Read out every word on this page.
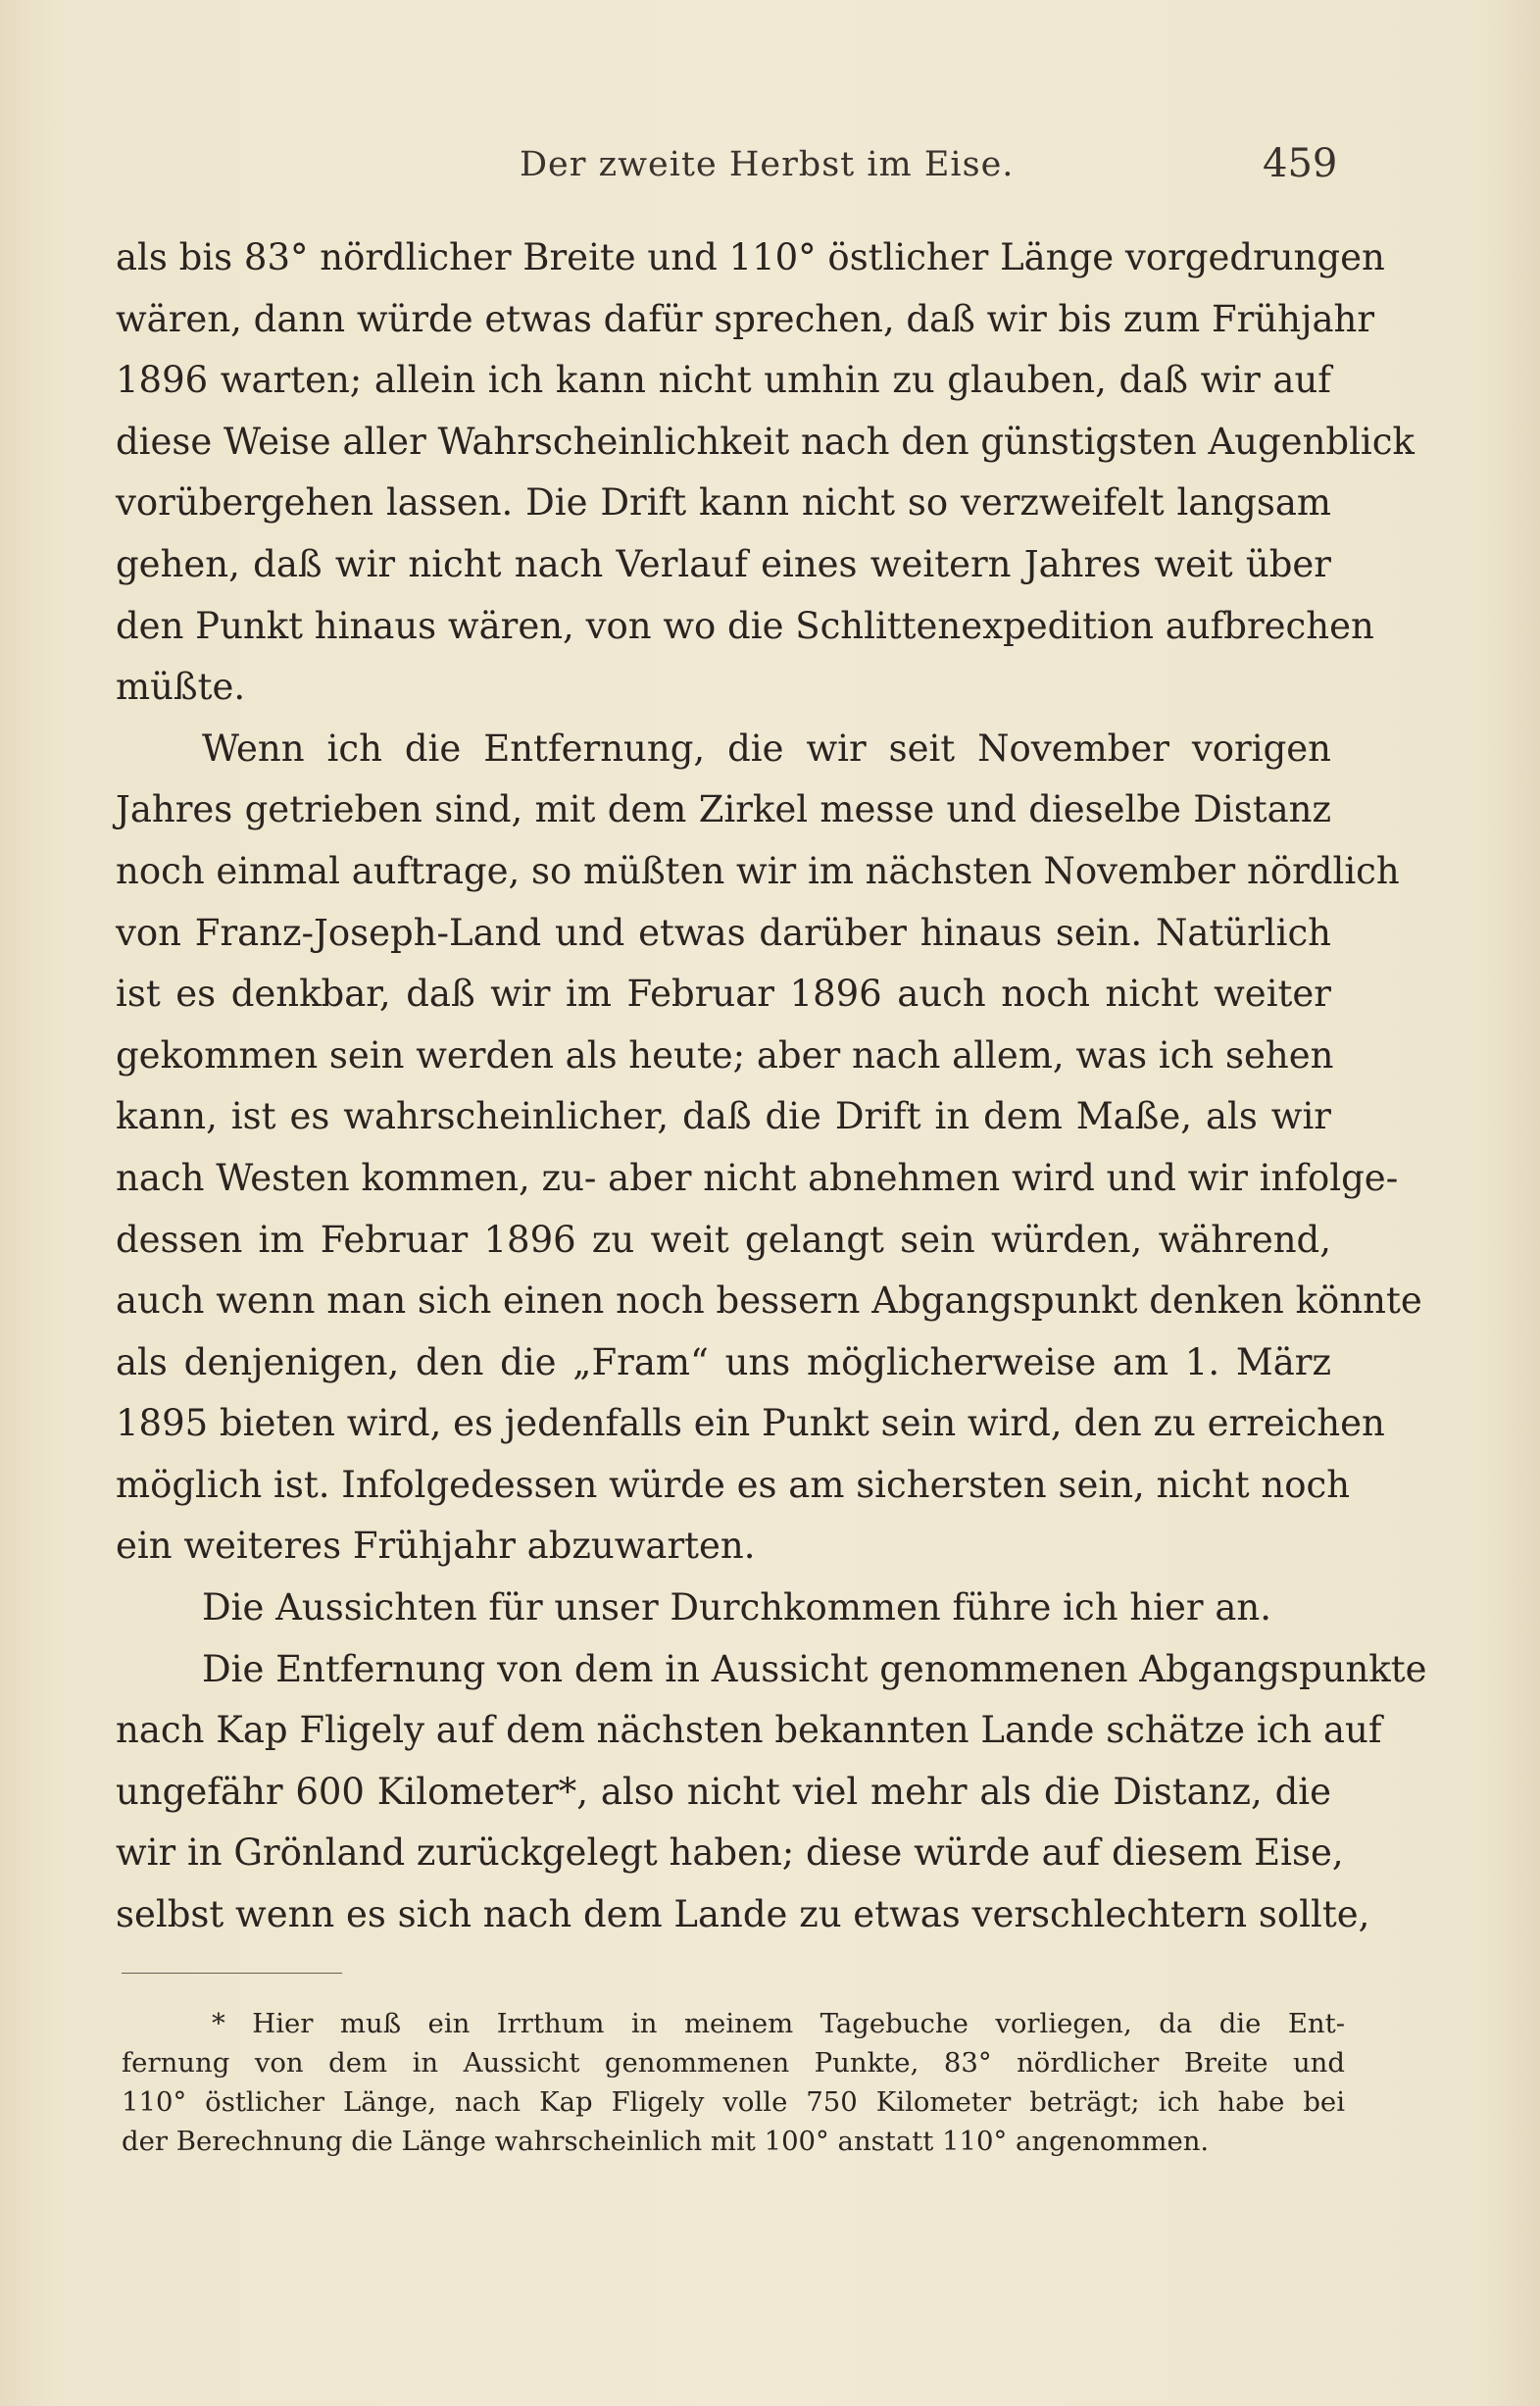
Der zweite Herbst im Eise.	459
als bis 83° nördlicher Breite und 110° östlicher Länge vorgedrungen
wären, dann würde etwas dafür sprechen, daß wir bis zum Frühjahr
1896 warten; allein ich kann nicht umhin zu glauben, daß wir auf
diese Weise aller Wahrscheinlichkeit nach den günstigsten Augenblick
vorübergehen lassen. Die Drift kann nicht so verzweifelt langsam
gehen, daß wir nicht nach Verlauf eines weitern Jahres weit über
den Punkt hinaus wären, von wo die Schlittenexpedition aufbrechen
müßte.
Wenn ich die Entfernung, die wir seit November vorigen
Jahres getrieben sind, mit dem Zirkel messe und dieselbe Distanz
noch einmal auftrage, so müßten wir im nächsten November nördlich
von Franz-Joseph-Land und etwas darüber hinaus sein. Natürlich
ist es denkbar, daß wir im Februar 1896 auch noch nicht weiter
gekommen sein werden als heute; aber nach allem, was ich sehen
kann, ist es wahrscheinlicher, daß die Drift in dem Maße, als wir
nach Westen kommen, zu- aber nicht abnehmen wird und wir infolge-
dessen im Februar 1896 zu weit gelangt sein würden, während,
auch wenn man sich einen noch bessern Abgangspunkt denken könnte
als denjenigen, den die „Fram“ uns möglicherweise am 1. März
1895 bieten wird, es jedenfalls ein Punkt sein wird, den zu erreichen
möglich ist. Infolgedessen würde es am sichersten sein, nicht noch
ein weiteres Frühjahr abzuwarten.
Die Aussichten für unser Durchkommen führe ich hier an.
Die Entfernung von dem in Aussicht genommenen Abgangspunkte
nach Kap Fligely auf dem nächsten bekannten Lande schätze ich auf
ungefähr 600 Kilometer*, also nicht viel mehr als die Distanz, die
wir in Grönland zurückgelegt haben; diese würde auf diesem Eise,
selbst wenn es sich nach dem Lande zu etwas verschlechtern sollte,
* Hier muß ein Irrthum in meinem Tagebuche vorliegen, da die Ent-
fernung von dem in Aussicht genommenen Punkte, 83° nördlicher Breite und
110° östlicher Länge, nach Kap Fligely volle 750 Kilometer beträgt; ich habe bei
der Berechnung die Länge wahrscheinlich mit 100° anstatt 110° angenommen.
